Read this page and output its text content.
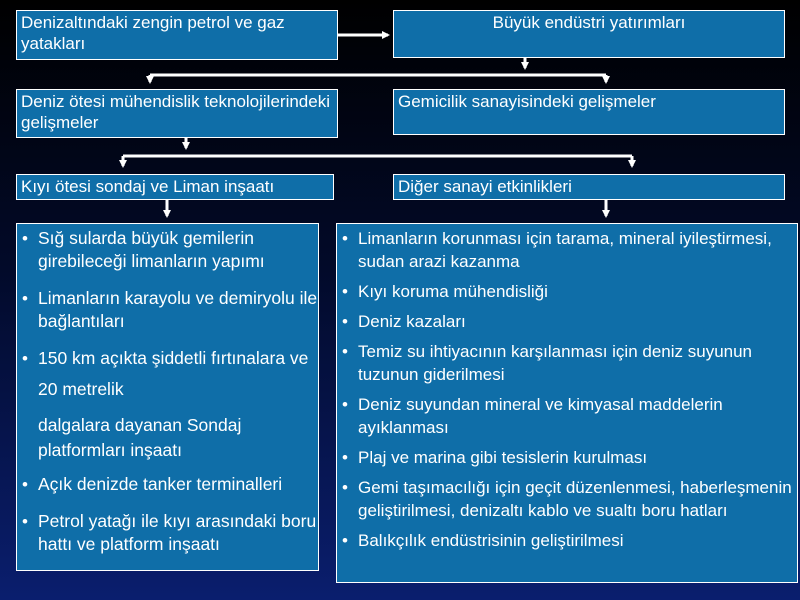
Denizaltındaki zengin petrol ve gaz yatakları
Büyük endüstri yatırımları
Deniz ötesi mühendislik teknolojilerindeki gelişmeler
Gemicilik sanayisindeki gelişmeler
Kıyı ötesi sondaj ve Liman inşaatı	Diğer sanayi etkinlikleri
• Sığ sularda büyük gemilerin girebileceği limanların yapımı
• Limanların karayolu ve demiryolu ile bağlantıları
• 150 km açıkta şiddetli fırtınalara ve 20 metrelik
dalgalara dayanan Sondaj platformları inşaatı
• Açık denizde tanker terminalleri
• Petrol yatağı ile kıyı arasındaki boru hattı ve platform inşaatı
• Limanların korunması için tarama, mineral iyileştirmesi, sudan arazi kazanma
• Kıyı koruma mühendisliği
• Deniz kazaları
• Temiz su ihtiyacının karşılanması için deniz suyunun tuzunun giderilmesi
• Deniz suyundan mineral ve kimyasal maddelerin ayıklanması
• Plaj ve marina gibi tesislerin kurulması
• Gemi taşımacılığı için geçit düzenlenmesi, haberleşmenin geliştirilmesi, denizaltı kablo ve sualtı boru hatları
• Balıkçılık endüstrisinin geliştirilmesi
